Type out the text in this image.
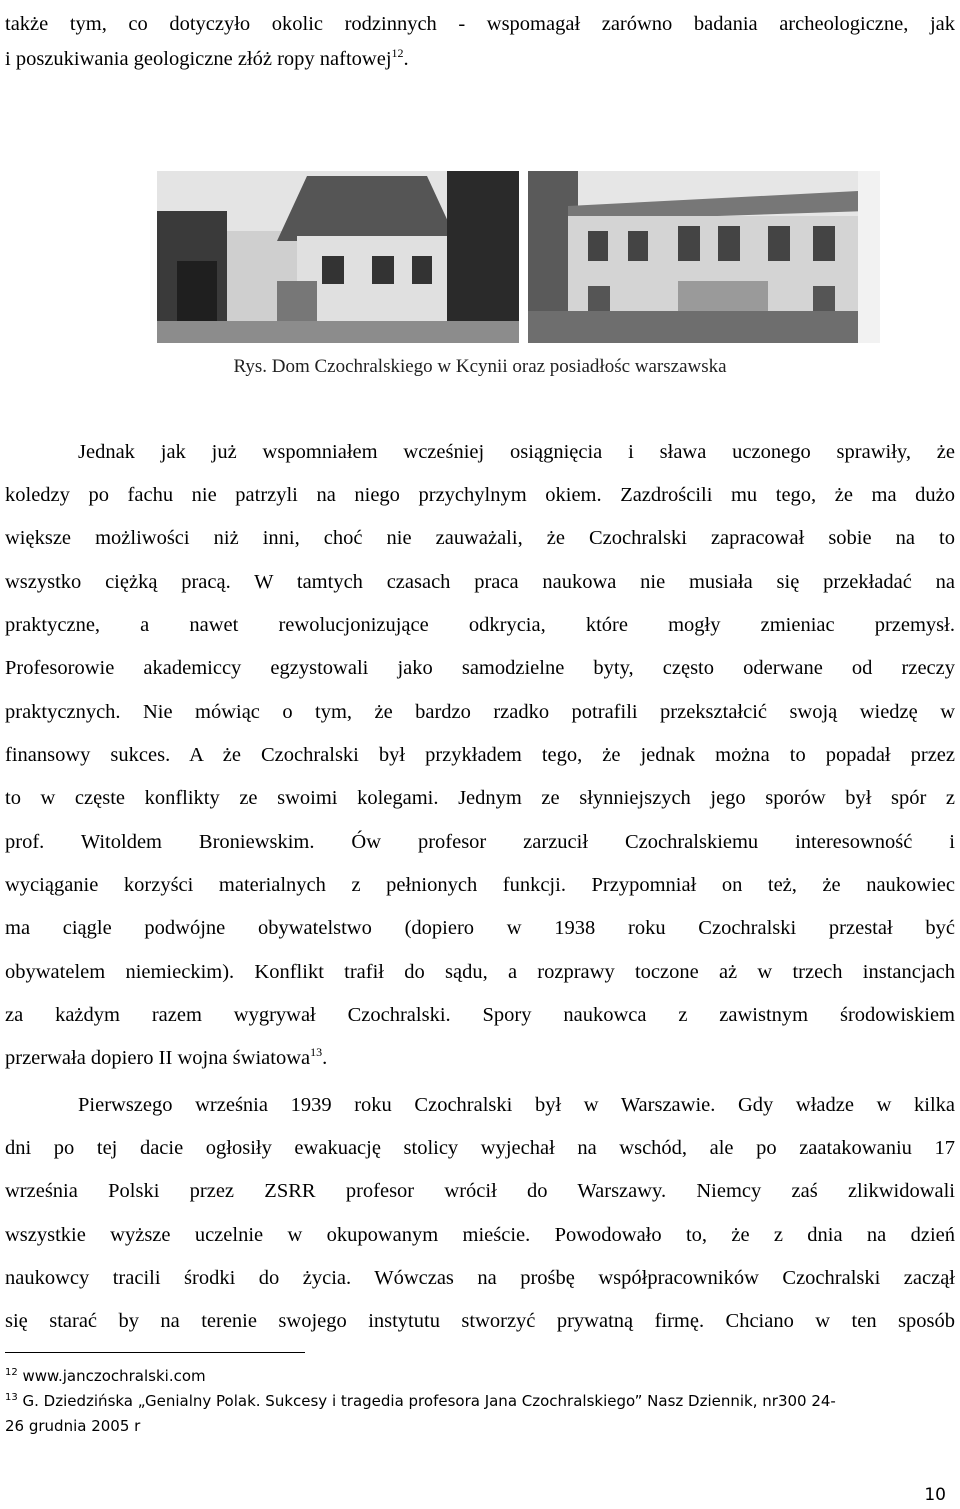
także tym, co dotyczyło okolic rodzinnych - wspomagał zarówno badania archeologiczne, jak
i poszukiwania geologiczne złóż ropy naftowej$^{12}$.
Rys. Dom Czochralskiego w Kcynii oraz posiadłośc warszawska
Jednak jak już wspomniałem wcześniej osiągnięcia i sława uczonego sprawiły, że
koledzy po fachu nie patrzyli na niego przychylnym okiem. Zazdrościli mu tego, że ma dużo
większe możliwości niż inni, choć nie zauważali, że Czochralski zapracował sobie na to
wszystko ciężką pracą. W tamtych czasach praca naukowa nie musiała się przekładać na
praktyczne, a nawet rewolucjonizujące odkrycia, które mogły zmieniac przemysł.
Profesorowie akademiccy egzystowali jako samodzielne byty, często oderwane od rzeczy
praktycznych. Nie mówiąc o tym, że bardzo rzadko potrafili przekształcić swoją wiedzę w
finansowy sukces. A że Czochralski był przykładem tego, że jednak można to popadał przez
to w częste konflikty ze swoimi kolegami. Jednym ze słynniejszych jego sporów był spór z
prof. Witoldem Broniewskim. Ów profesor zarzucił Czochralskiemu interesowność i
wyciąganie korzyści materialnych z pełnionych funkcji. Przypomniał on też, że naukowiec
ma ciągle podwójne obywatelstwo (dopiero w 1938 roku Czochralski przestał być
obywatelem niemieckim). Konflikt trafił do sądu, a rozprawy toczone aż w trzech instancjach
za każdym razem wygrywał Czochralski. Spory naukowca z zawistnym środowiskiem
przerwała dopiero II wojna światowa$^{13}$.
Pierwszego września 1939 roku Czochralski był w Warszawie. Gdy władze w kilka
dni po tej dacie ogłosiły ewakuację stolicy wyjechał na wschód, ale po zaatakowaniu 17
września Polski przez ZSRR profesor wrócił do Warszawy. Niemcy zaś zlikwidowali
wszystkie wyższe uczelnie w okupowanym mieście. Powodowało to, że z dnia na dzień
naukowcy tracili środki do życia. Wówczas na prośbę współpracowników Czochralski zaczął
się starać by na terenie swojego instytutu stworzyć prywatną firmę. Chciano w ten sposób
$^{12}$ www.janczochralski.com
$^{13}$ G. Dziedzińska „Genialny Polak. Sukcesy i tragedia profesora Jana Czochralskiego” Nasz Dziennik, nr300 24-
26 grudnia 2005 r
10
